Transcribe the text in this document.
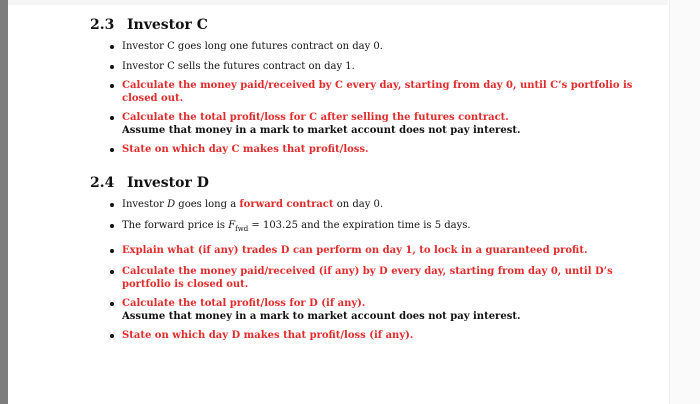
2.3 Investor C
Investor C goes long one futures contract on day 0.
Investor C sells the futures contract on day 1.
Calculate the money paid/received by C every day, starting from day 0, until C’s portfolio is closed out.
Calculate the total profit/loss for C after selling the futures contract.
Assume that money in a mark to market account does not pay interest.
State on which day C makes that profit/loss.
2.4 Investor D
Investor D goes long a forward contract on day 0.
The forward price is $F_{fwd} = 103.25$ and the expiration time is 5 days.
Explain what (if any) trades D can perform on day 1, to lock in a guaranteed profit.
Calculate the money paid/received (if any) by D every day, starting from day 0, until D’s portfolio is closed out.
Calculate the total profit/loss for D (if any).
Assume that money in a mark to market account does not pay interest.
State on which day D makes that profit/loss (if any).
